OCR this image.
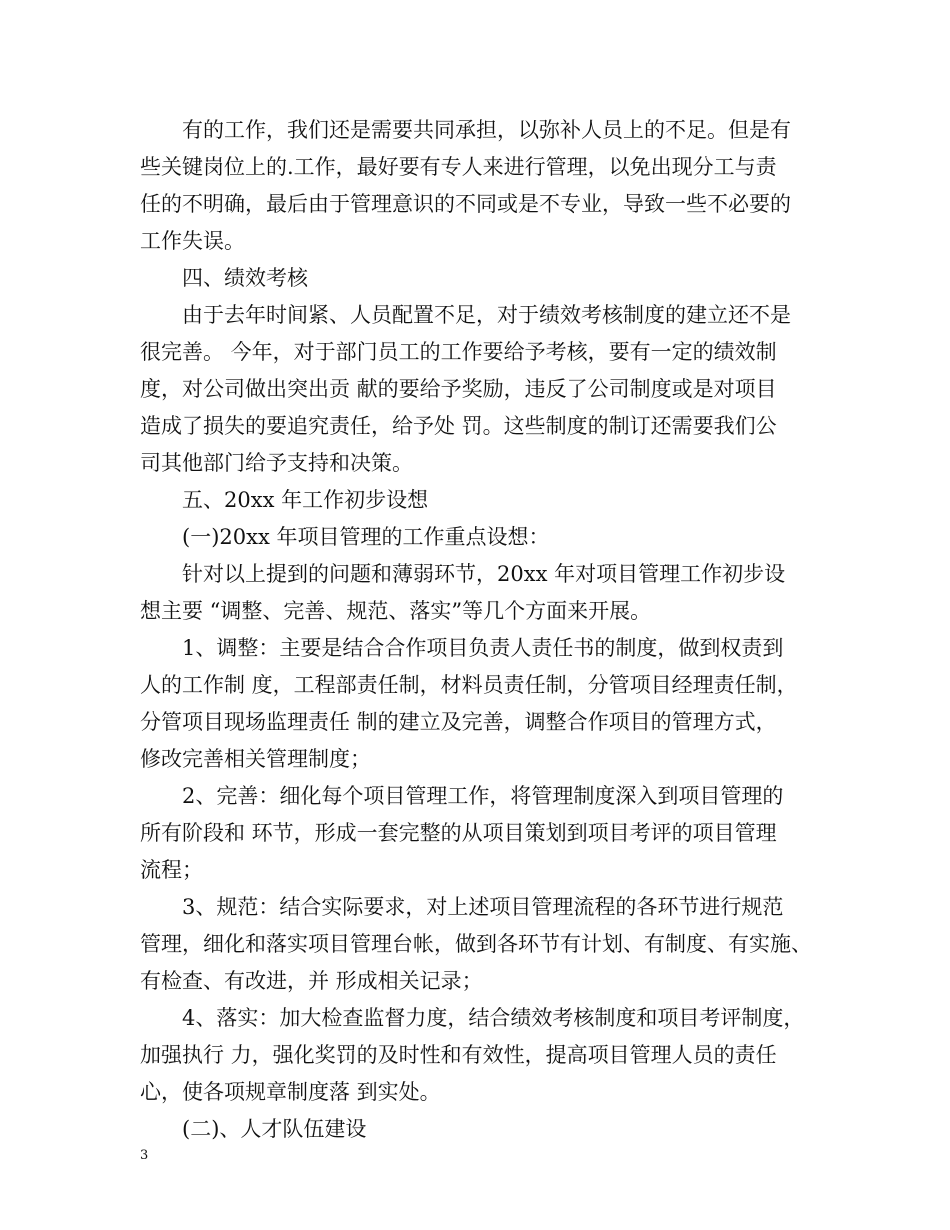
　　有的工作，我们还是需要共同承担，以弥补人员上的不足。但是有
些关键岗位上的.工作，最好要有专人来进行管理，以免出现分工与责
任的不明确，最后由于管理意识的不同或是不专业，导致一些不必要的
工作失误。
　　四、绩效考核
　　由于去年时间紧、人员配置不足，对于绩效考核制度的建立还不是
很完善。 今年，对于部门员工的工作要给予考核，要有一定的绩效制
度，对公司做出突出贡 献的要给予奖励，违反了公司制度或是对项目
造成了损失的要追究责任，给予处 罚。这些制度的制订还需要我们公
司其他部门给予支持和决策。
　　五、20xx 年工作初步设想
　　(一)20xx 年项目管理的工作重点设想：
　　针对以上提到的问题和薄弱环节，20xx 年对项目管理工作初步设
想主要 “调整、完善、规范、落实”等几个方面来开展。
　　1、调整：主要是结合合作项目负责人责任书的制度，做到权责到
人的工作制 度，工程部责任制，材料员责任制，分管项目经理责任制，
分管项目现场监理责任 制的建立及完善，调整合作项目的管理方式，
修改完善相关管理制度；
　　2、完善：细化每个项目管理工作，将管理制度深入到项目管理的
所有阶段和 环节，形成一套完整的从项目策划到项目考评的项目管理
流程；
　　3、规范：结合实际要求，对上述项目管理流程的各环节进行规范
管理，细化和落实项目管理台帐，做到各环节有计划、有制度、有实施、
有检查、有改进，并 形成相关记录；
　　4、落实：加大检查监督力度，结合绩效考核制度和项目考评制度，
加强执行 力，强化奖罚的及时性和有效性，提高项目管理人员的责任
心，使各项规章制度落 到实处。
　　(二)、人才队伍建设
3
